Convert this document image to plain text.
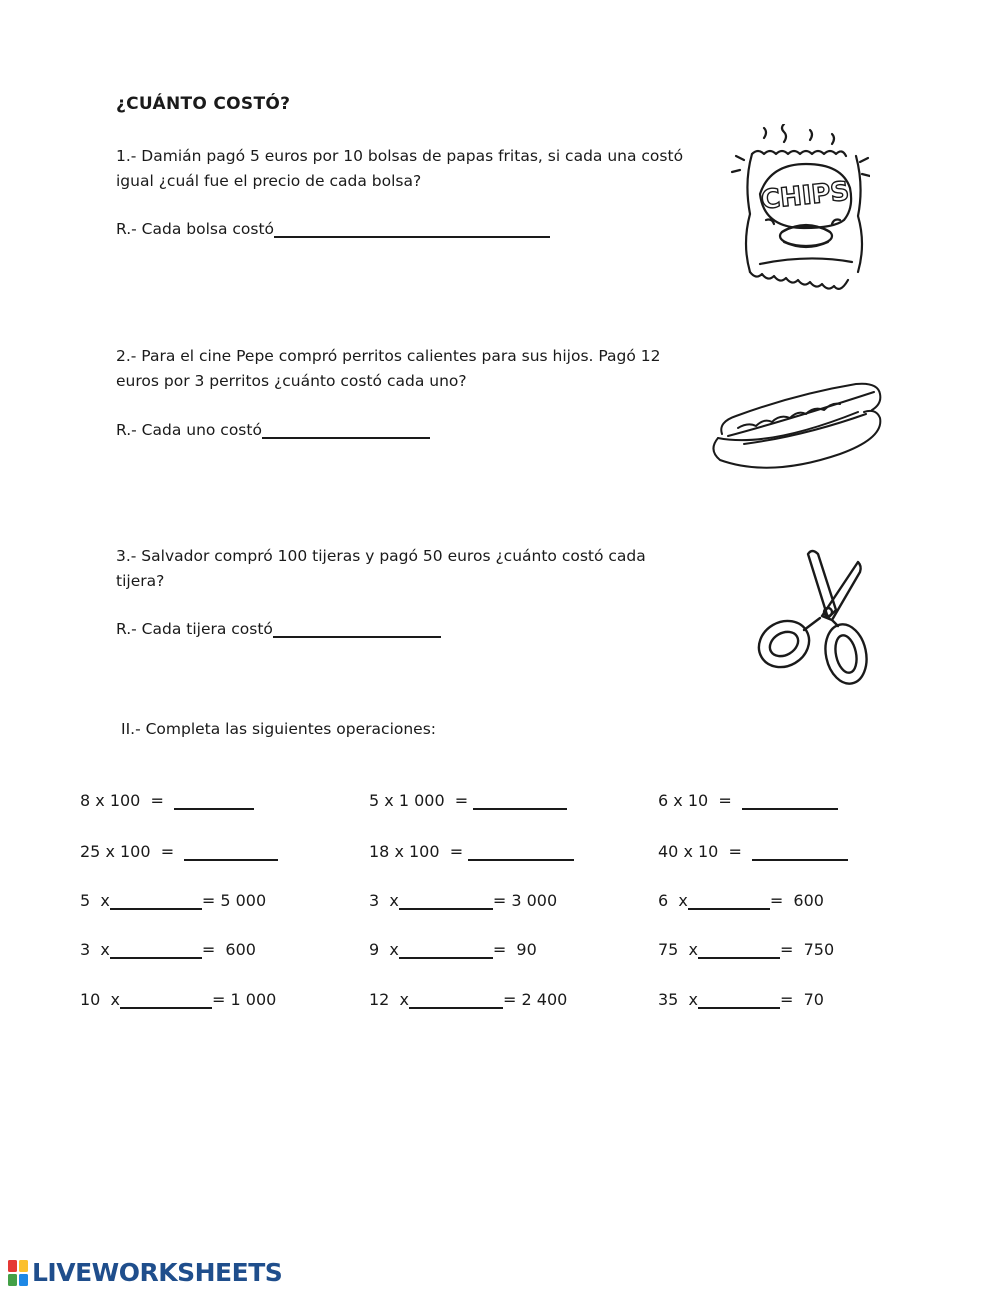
¿CUÁNTO COSTÓ?
1.- Damián pagó 5 euros por 10 bolsas de papas fritas, si cada una costó igual ¿cuál fue el precio de cada bolsa?
R.- Cada bolsa costó
2.- Para el cine Pepe compró perritos calientes para sus hijos. Pagó 12 euros por 3 perritos ¿cuánto costó cada uno?
R.- Cada uno costó
3.- Salvador compró 100 tijeras y pagó 50 euros ¿cuánto costó cada tijera?
R.- Cada tijera costó
CHIPS
II.- Completa las siguientes operaciones:
8 x 100  =	5 x 1 000  =	6 x 10  =
25 x 100  =	18 x 100  =	40 x 10  =
5  x	= 5 000	3  x	= 3 000	6  x	=  600
3  x	=  600	9  x	=  90	75  x	=  750
10  x	= 1 000	12  x	= 2 400	35  x	=  70
LIVEWORKSHEETS
